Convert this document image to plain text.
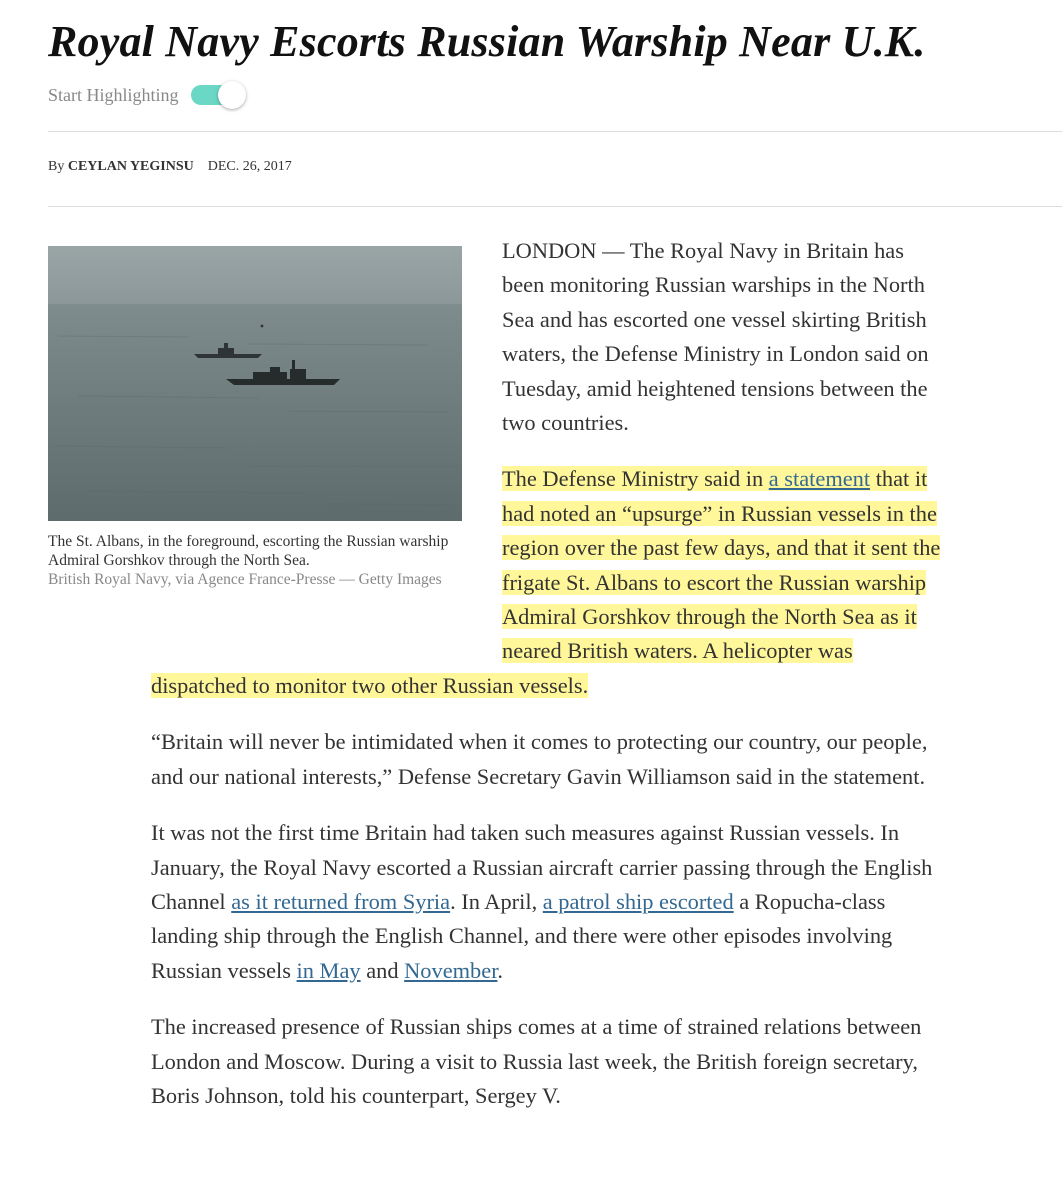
Royal Navy Escorts Russian Warship Near U.K.
Start Highlighting
By CEYLAN YEGINSU DEC. 26, 2017
The St. Albans, in the foreground, escorting the Russian warship Admiral Gorshkov through the North Sea.
British Royal Navy, via Agence France-Presse — Getty Images

LONDON — The Royal Navy in Britain has been monitoring Russian warships in the North Sea and has escorted one vessel skirting British waters, the Defense Ministry in London said on Tuesday, amid heightened tensions between the two countries.

The Defense Ministry said in a statement that it had noted an “upsurge” in Russian vessels in the region over the past few days, and that it sent the frigate St. Albans to escort the Russian warship Admiral Gorshkov through the North Sea as it neared British waters. A helicopter was dispatched to monitor two other Russian vessels.

“Britain will never be intimidated when it comes to protecting our country, our people, and our national interests,” Defense Secretary Gavin Williamson said in the statement.

It was not the first time Britain had taken such measures against Russian vessels. In January, the Royal Navy escorted a Russian aircraft carrier passing through the English Channel as it returned from Syria. In April, a patrol ship escorted a Ropucha-class landing ship through the English Channel, and there were other episodes involving Russian vessels in May and November.

The increased presence of Russian ships comes at a time of strained relations between London and Moscow. During a visit to Russia last week, the British foreign secretary, Boris Johnson, told his counterpart, Sergey V.
